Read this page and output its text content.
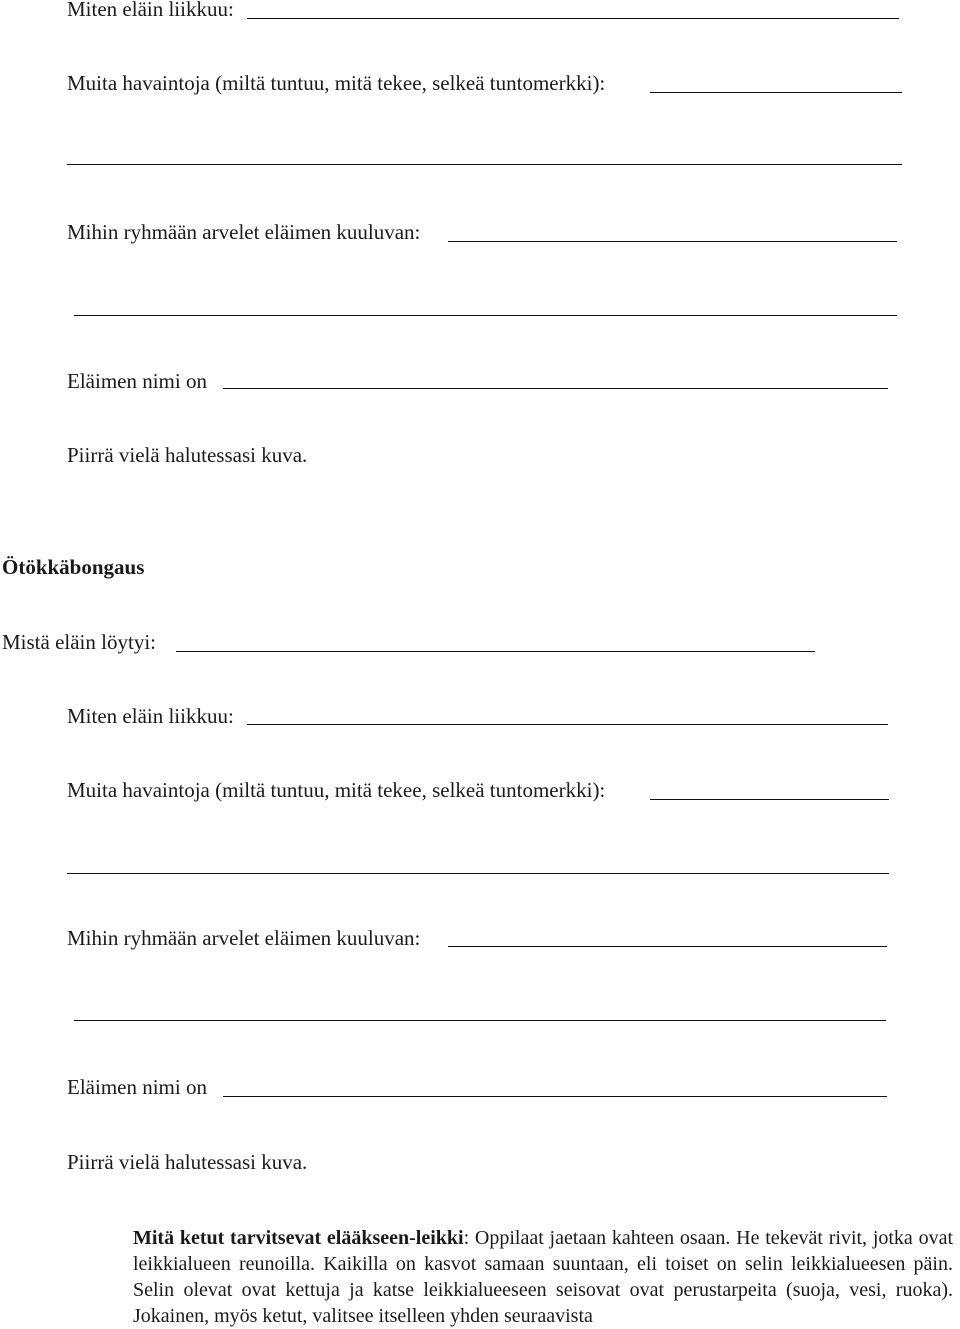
Miten eläin liikkuu:
Muita havaintoja (miltä tuntuu, mitä tekee, selkeä tuntomerkki):
Mihin ryhmään arvelet eläimen kuuluvan:
Eläimen nimi on
Piirrä vielä halutessasi kuva.
Ötökkäbongaus
Mistä eläin löytyi:
Miten eläin liikkuu:
Muita havaintoja (miltä tuntuu, mitä tekee, selkeä tuntomerkki):
Mihin ryhmään arvelet eläimen kuuluvan:
Eläimen nimi on
Piirrä vielä halutessasi kuva.
Mitä ketut tarvitsevat elääkseen-leikki: Oppilaat jaetaan kahteen osaan. He tekevät rivit, jotka ovat leikkialueen reunoilla. Kaikilla on kasvot samaan suuntaan, eli toiset on selin leikkialueesen päin. Selin olevat ovat kettuja ja katse leikkialueeseen seisovat ovat perustarpeita (suoja, vesi, ruoka). Jokainen, myös ketut, valitsee itselleen yhden seuraavista
